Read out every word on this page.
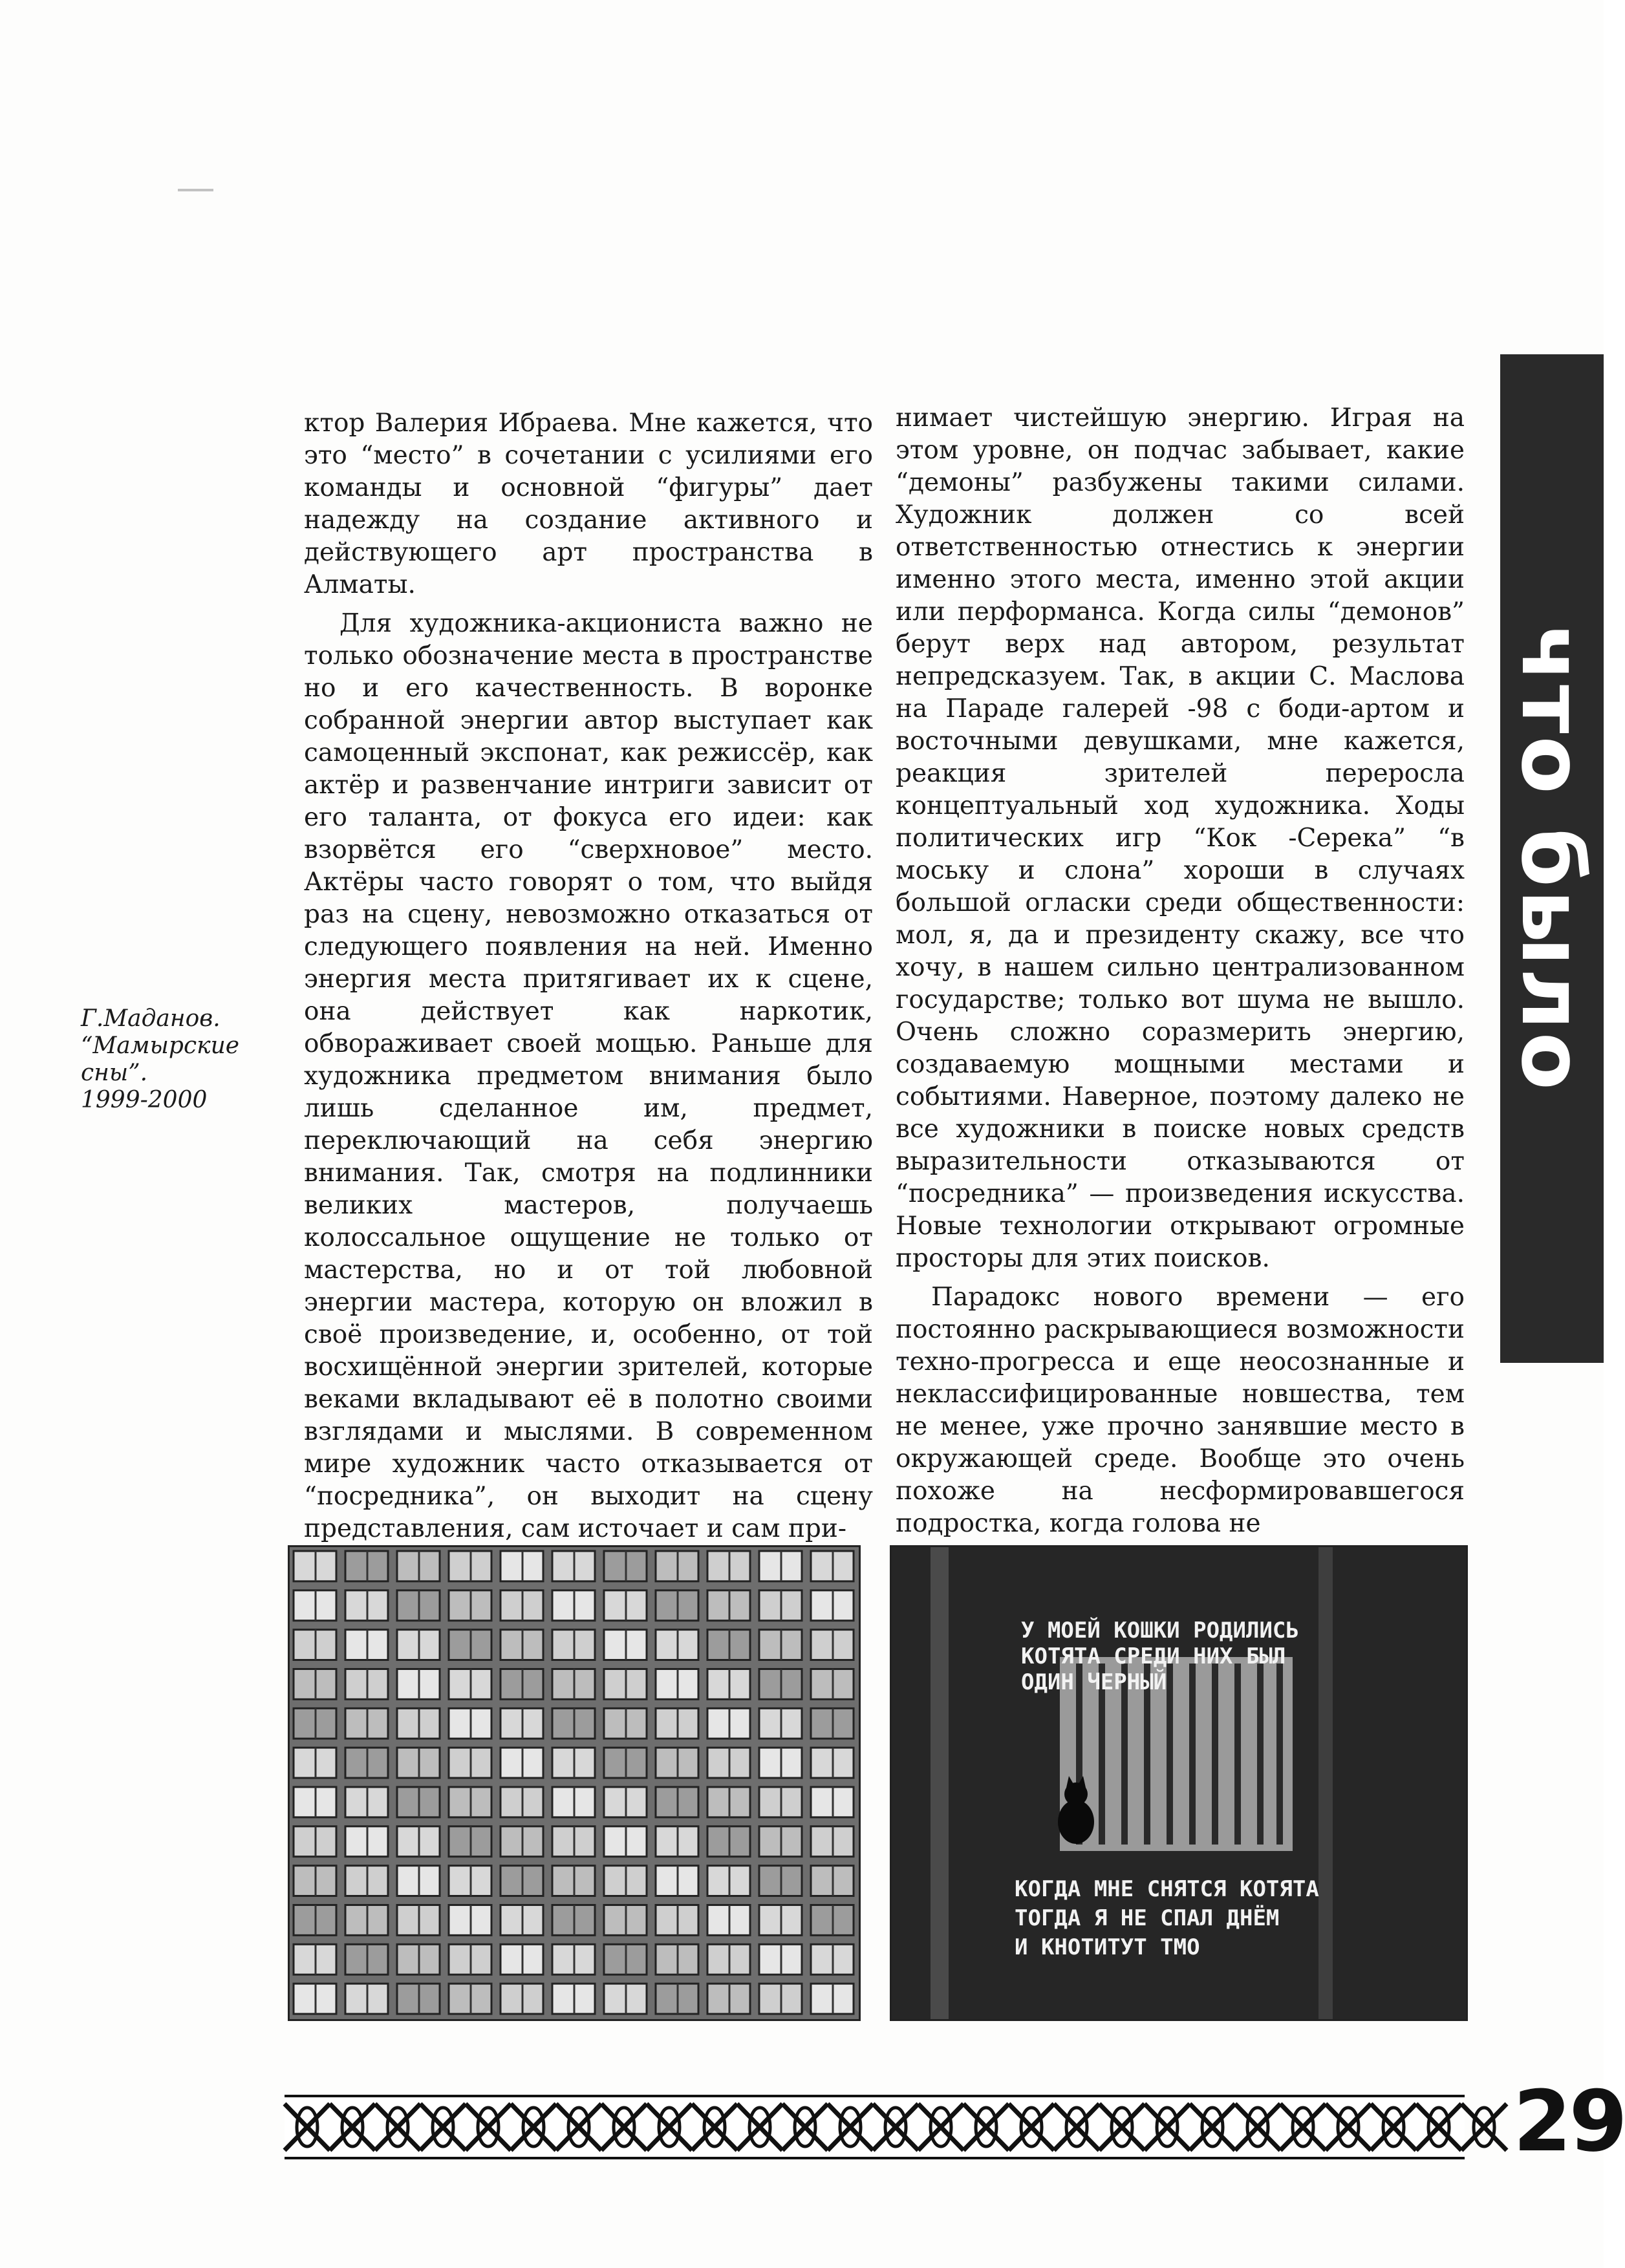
что было

ктор Валерия Ибраева. Мне кажется, что это “место” в сочетании с усилиями его команды и основной “фигуры” дает надежду на создание активного и действующего арт пространства в Алматы.

Для художника-акциониста важно не только обозначение места в пространстве но и его качественность. В воронке собранной энергии автор выступает как самоценный экспонат, как режиссёр, как актёр и развенчание интриги зависит от его таланта, от фокуса его идеи: как взорвётся его “сверхновое” место. Актёры часто говорят о том, что выйдя раз на сцену, невозможно отказаться от следующего появления на ней. Именно энергия места притягивает их к сцене, она действует как наркотик, обвораживает своей мощью. Раньше для художника предметом внимания было лишь сделанное им, предмет, переключающий на себя энергию внимания. Так, смотря на подлинники великих мастеров, получаешь колоссальное ощущение не только от мастерства, но и от той любовной энергии мастера, которую он вложил в своё произведение, и, особенно, от той восхищённой энергии зрителей, которые веками вкладывают её в полотно своими взглядами и мыслями. В современном мире художник часто отказывается от “посредника”, он выходит на сцену представления, сам источает и сам при-

нимает чистейшую энергию. Играя на этом уровне, он подчас забывает, какие “демоны” разбужены такими силами. Художник должен со всей ответственностью отнестись к энергии именно этого места, именно этой акции или перформанса. Когда силы “демонов” берут верх над автором, результат непредсказуем. Так, в акции С. Маслова на Параде галерей -98 с боди-артом и восточными девушками, мне кажется, реакция зрителей переросла концептуальный ход художника. Ходы политических игр “Кок -Серека” “в моську и слона” хороши в случаях большой огласки среди общественности: мол, я, да и президенту скажу, все что хочу, в нашем сильно централизованном государстве; только вот шума не вышло. Очень сложно соразмерить энергию, создаваемую мощными местами и событиями. Наверное, поэтому далеко не все художники в поиске новых средств выразительности отказываются от “посредника” — произведения искусства. Новые технологии открывают огромные просторы для этих поисков.

Парадокс нового времени — его постоянно раскрывающиеся возможности техно-прогресса и еще неосознанные и неклассифицированные новшества, тем не менее, уже прочно занявшие место в окружающей среде. Вообще это очень похоже на несформировавшегося подростка, когда голова не

У МОЕЙ КОШКИ РОДИЛИСЬ
КОТЯТА СРЕДИ НИХ БЫЛ
ОДИН ЧЕРНЫЙ
КОГДА МНЕ СНЯТСЯ КОТЯТА
ТОГДА Я НЕ СПАЛ ДНЁМ
И КНОТИТУТ ТМО

Г.Маданов.

“Мамырские сны”.

1999-2000

29
